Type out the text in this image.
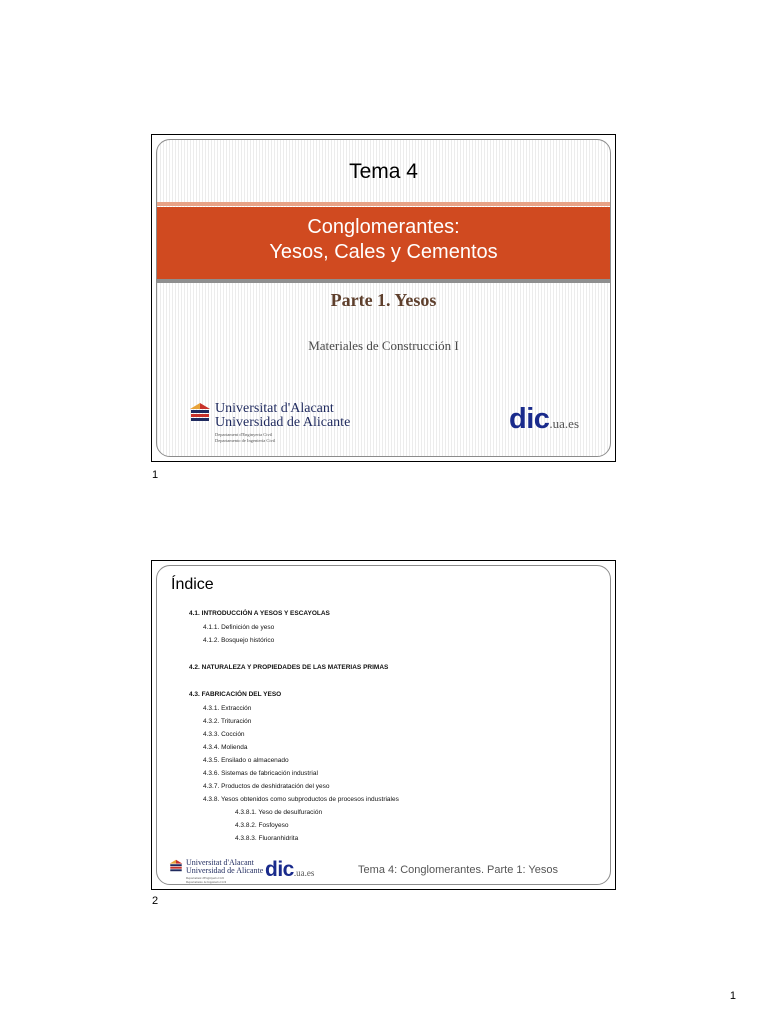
Tema 4
Conglomerantes:
Yesos, Cales y Cementos
Parte 1. Yesos
Materiales de Construcción I
Universitat d'Alacant
Universidad de Alicante
Departament d'Enginyeria Civil
Departamento de Ingeniería Civil
dic .ua.es
1
Índice
4.1. INTRODUCCIÓN A YESOS Y ESCAYOLAS
4.1.1. Definición de yeso
4.1.2. Bosquejo histórico
4.2. NATURALEZA Y PROPIEDADES DE LAS MATERIAS PRIMAS
4.3. FABRICACIÓN DEL YESO
4.3.1. Extracción
4.3.2. Trituración
4.3.3. Cocción
4.3.4. Molienda
4.3.5. Ensilado o almacenado
4.3.6. Sistemas de fabricación industrial
4.3.7. Productos de deshidratación del yeso
4.3.8. Yesos obtenidos como subproductos de procesos industriales
4.3.8.1. Yeso de desulfuración
4.3.8.2. Fosfoyeso
4.3.8.3. Fluoranhidrita
Universitat d'Alacant
Universidad de Alicante
Departament d'Enginyeria Civil
Departamento de Ingeniería Civil
dic .ua.es	Tema 4: Conglomerantes. Parte 1: Yesos
2
1
